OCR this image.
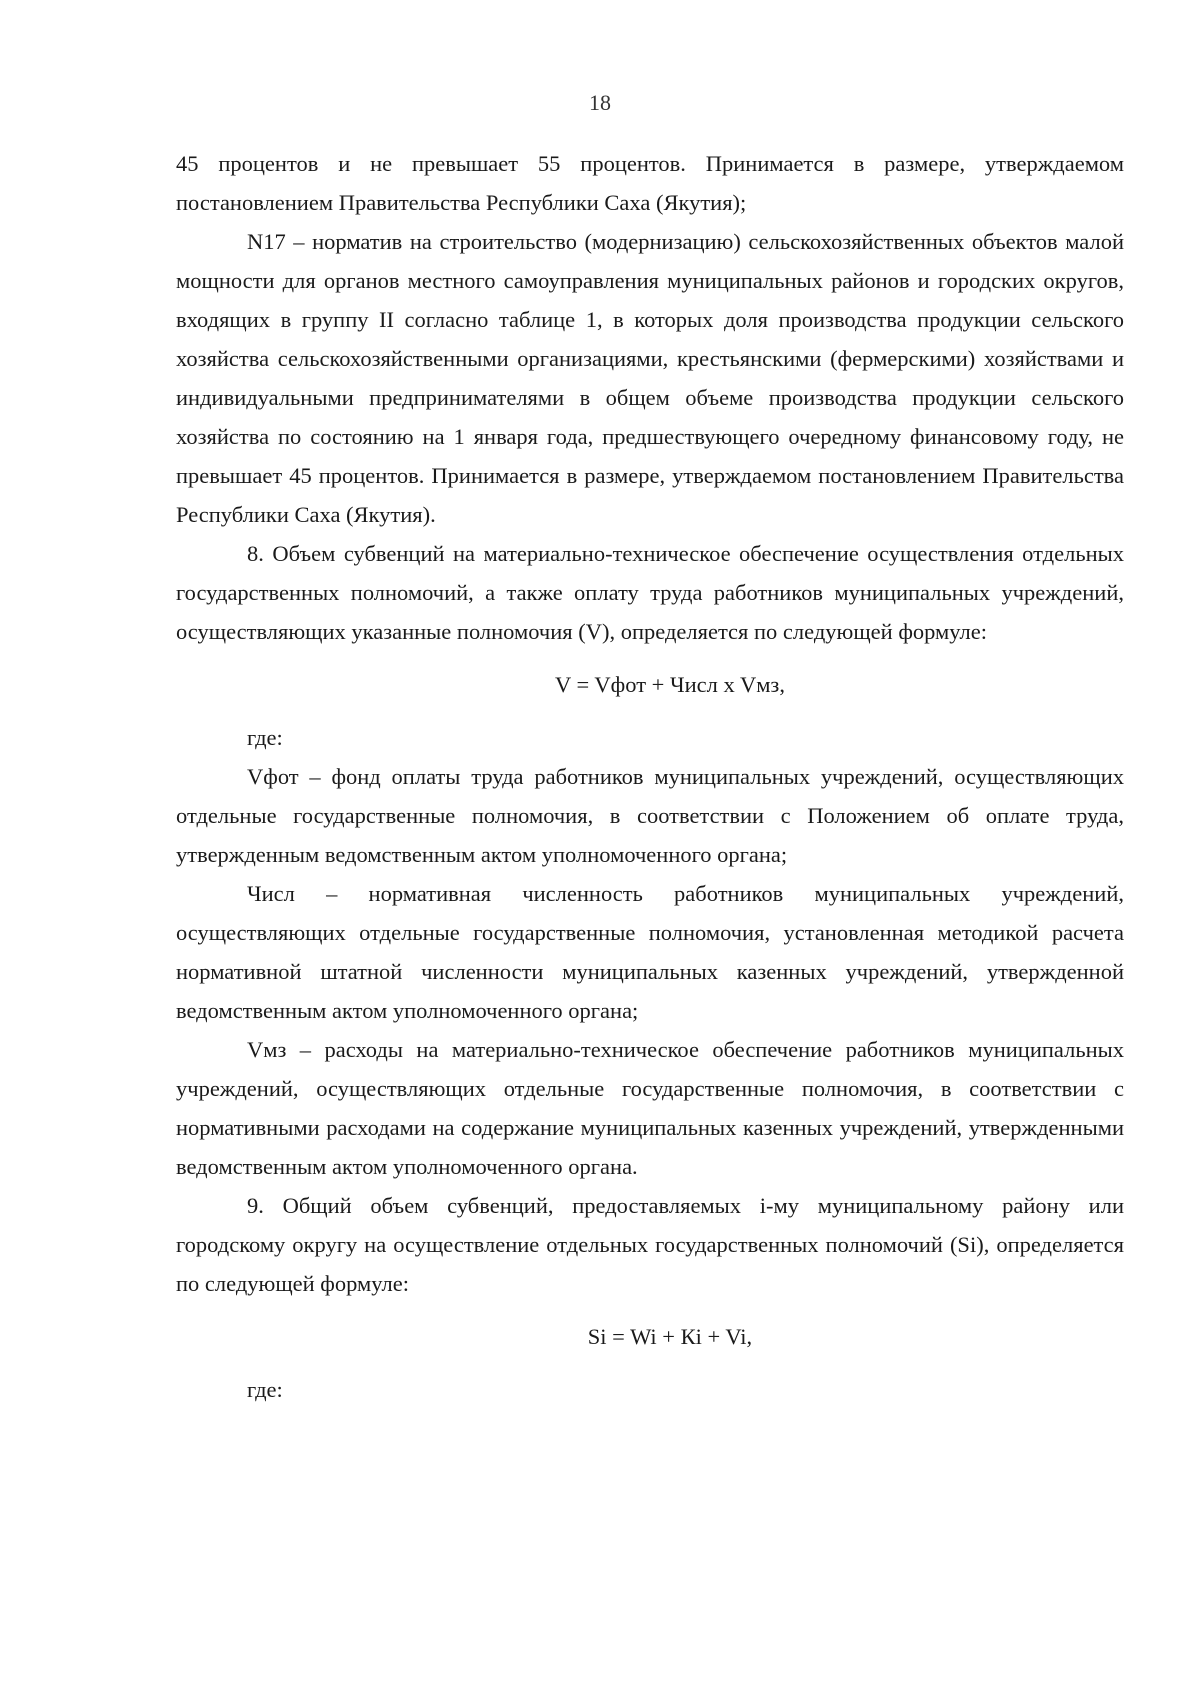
18

45 процентов и не превышает 55 процентов. Принимается в размере, утверждаемом постановлением Правительства Республики Саха (Якутия);

N17 – норматив на строительство (модернизацию) сельскохозяйственных объектов малой мощности для органов местного самоуправления муниципальных районов и городских округов, входящих в группу II согласно таблице 1, в которых доля производства продукции сельского хозяйства сельскохозяйственными организациями, крестьянскими (фермерскими) хозяйствами и индивидуальными предпринимателями в общем объеме производства продукции сельского хозяйства по состоянию на 1 января года, предшествующего очередному финансовому году, не превышает 45 процентов. Принимается в размере, утверждаемом постановлением Правительства Республики Саха (Якутия).

8. Объем субвенций на материально-техническое обеспечение осуществления отдельных государственных полномочий, а также оплату труда работников муниципальных учреждений, осуществляющих указанные полномочия (V), определяется по следующей формуле:

V = Vфот + Числ x Vмз,

где:

Vфот – фонд оплаты труда работников муниципальных учреждений, осуществляющих отдельные государственные полномочия, в соответствии с Положением об оплате труда, утвержденным ведомственным актом уполномоченного органа;

Числ – нормативная численность работников муниципальных учреждений, осуществляющих отдельные государственные полномочия, установленная методикой расчета нормативной штатной численности муниципальных казенных учреждений, утвержденной ведомственным актом уполномоченного органа;

Vмз – расходы на материально-техническое обеспечение работников муниципальных учреждений, осуществляющих отдельные государственные полномочия, в соответствии с нормативными расходами на содержание муниципальных казенных учреждений, утвержденными ведомственным актом уполномоченного органа.

9. Общий объем субвенций, предоставляемых i-му муниципальному району или городскому округу на осуществление отдельных государственных полномочий (Si), определяется по следующей формуле:

Si = Wi + Кi + Vi,

где:
